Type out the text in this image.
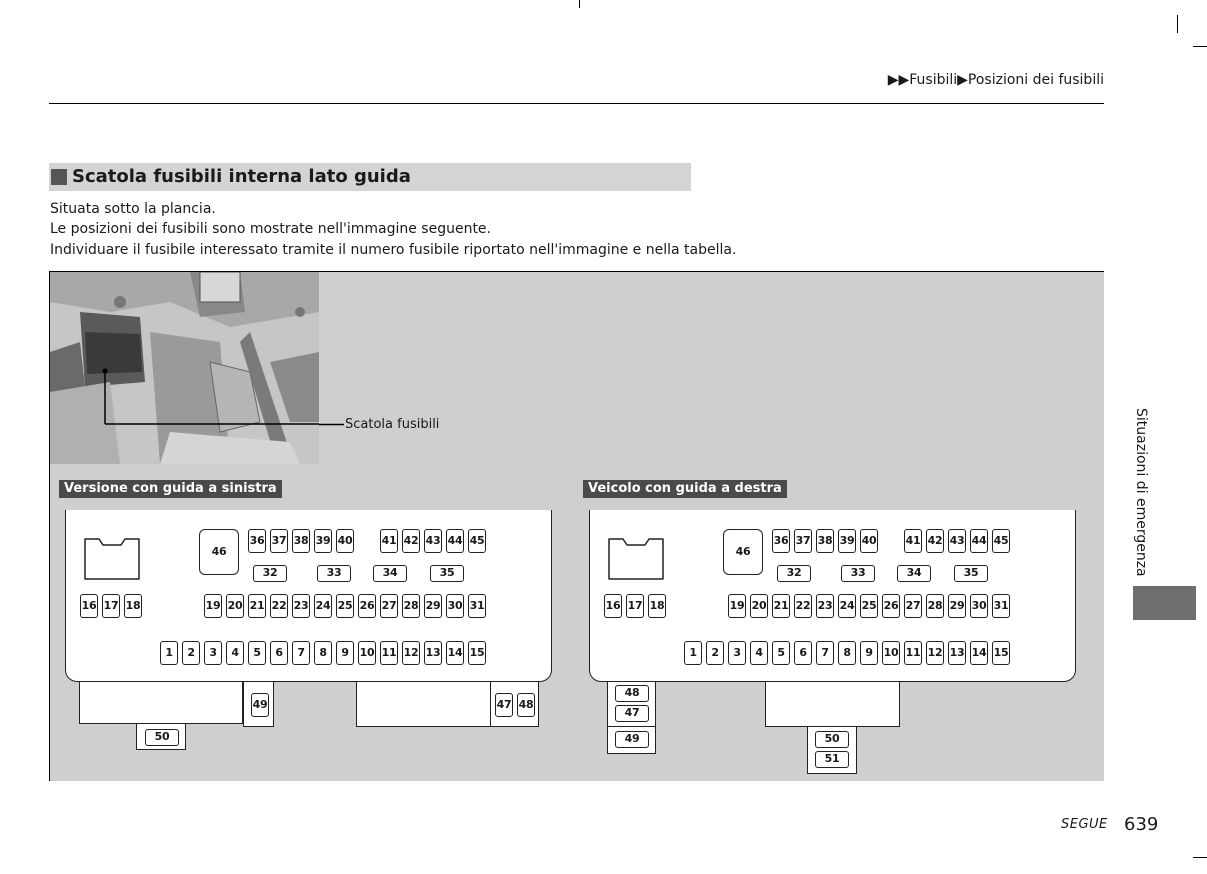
▶▶Fusibili▶Posizioni dei fusibili
Scatola fusibili interna lato guida
Situata sotto la plancia.
Le posizioni dei fusibili sono mostrate nell'immagine seguente.
Individuare il fusibile interessato tramite il numero fusibile riportato nell'immagine e nella tabella.
Scatola fusibili
Versione con guida a sinistra
46
36 37 38 39 40	41 42 43 44 45
32
16 17 18	19 20 21 22 23 24 25 26 27 28 29 30 31
1	2	3	4	5	6	7	8	9 10 11 12 13 14 15
49	47 48
50
Veicolo con guida a destra
46
36 37 38 39 40	41 42 43 44 45
32
16 17 18	19 20 21 22 23 24 25 26 27 28 29 30 31
1	2	3	4	5	6	7	8	9 10 11 12 13 14 15
48
47
49	50
51
33	34	35	33	34	35	Situazioni di emergenza
SEGUE 639
